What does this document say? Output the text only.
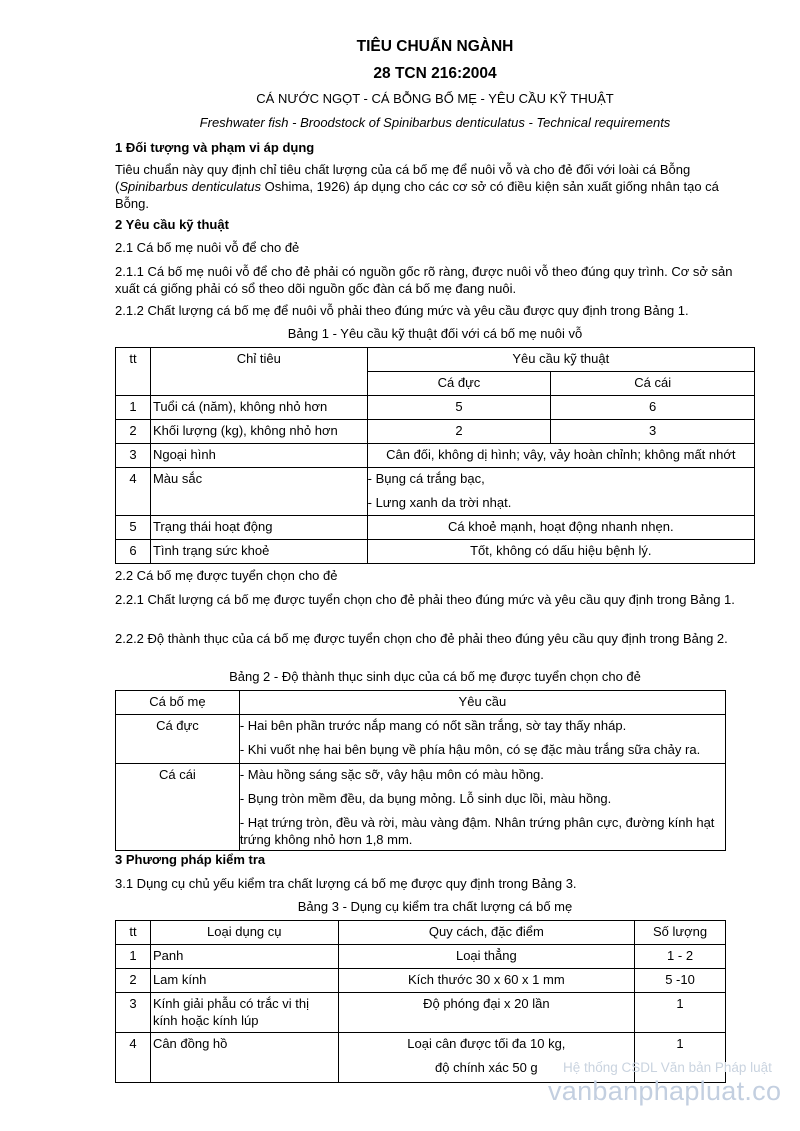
TIÊU CHUẨN NGÀNH
28 TCN 216:2004
CÁ NƯỚC NGỌT - CÁ BỖNG BỐ MẸ - YÊU CẦU KỸ THUẬT
Freshwater fish - Broodstock of Spinibarbus denticulatus - Technical requirements
1 Đối tượng và phạm vi áp dụng
Tiêu chuẩn này quy định chỉ tiêu chất lượng của cá bố mẹ để nuôi vỗ và cho đẻ đối với loài cá Bỗng (Spinibarbus denticulatus Oshima, 1926) áp dụng cho các cơ sở có điều kiện sản xuất giống nhân tạo cá Bỗng.
2 Yêu cầu kỹ thuật
2.1 Cá bố mẹ nuôi vỗ để cho đẻ
2.1.1 Cá bố mẹ nuôi vỗ để cho đẻ phải có nguồn gốc rõ ràng, được nuôi vỗ theo đúng quy trình. Cơ sở sản xuất cá giống phải có sổ theo dõi nguồn gốc đàn cá bố mẹ đang nuôi.
2.1.2 Chất lượng cá bố mẹ để nuôi vỗ phải theo đúng mức và yêu cầu được quy định trong Bảng 1.
Bảng 1 - Yêu cầu kỹ thuật đối với cá bố mẹ nuôi vỗ
tt	Chỉ tiêu	Yêu cầu kỹ thuật	
		Cá đực	Cá cái
1	Tuổi cá (năm), không nhỏ hơn	5	6
2	Khối lượng (kg), không nhỏ hơn	2	3
3	Ngoại hình	Cân đối, không dị hình; vây, vảy hoàn chỉnh; không mất nhớt	
4	Màu sắc	- Bụng cá trắng bạc,
- Lưng xanh da trời nhạt.	

5	Trạng thái hoạt động	Cá khoẻ mạnh, hoạt động nhanh nhẹn.	
6	Tình trạng sức khoẻ	Tốt, không có dấu hiệu bệnh lý.	
2.2 Cá bố mẹ được tuyển chọn cho đẻ
2.2.1 Chất lượng cá bố mẹ được tuyển chọn cho đẻ phải theo đúng mức và yêu cầu quy định trong Bảng 1.
2.2.2 Độ thành thục của cá bố mẹ được tuyển chọn cho đẻ phải theo đúng yêu cầu quy định trong Bảng 2.
Bảng 2 - Độ thành thục sinh dục của cá bố mẹ được tuyển chọn cho đẻ
Cá bố mẹ	Yêu cầu
Cá đực	- Hai bên phần trước nắp mang có nốt sần trắng, sờ tay thấy nháp.
- Khi vuốt nhẹ hai bên bụng về phía hậu môn, có sẹ đặc màu trắng sữa chảy ra.

Cá cái	- Màu hồng sáng sặc sỡ, vây hậu môn có màu hồng.
- Bụng tròn mềm đều, da bụng mỏng. Lỗ sinh dục lồi, màu hồng.
- Hạt trứng tròn, đều và rời, màu vàng đậm. Nhân trứng phân cực, đường kính hạt trứng không nhỏ hơn 1,8 mm.
3 Phương pháp kiểm tra
3.1 Dụng cụ chủ yếu kiểm tra chất lượng cá bố mẹ được quy định trong Bảng 3.
Bảng 3 - Dụng cụ kiểm tra chất lượng cá bố mẹ
tt	Loại dụng cụ	Quy cách, đặc điểm	Số lượng
1	Panh	Loại thẳng	1 - 2
2	Lam kính	Kích thước 30 x 60 x 1 mm	5 -10
3	Kính giải phẫu có trắc vi thị kính hoặc kính lúp	Độ phóng đại x 20 lần	1
4	Cân đồng hồ	Loại cân được tối đa 10 kg,
độ chính xác 50 g	1
Hệ thống CSDL Văn bản Pháp luật
vanbanphapluat.co
